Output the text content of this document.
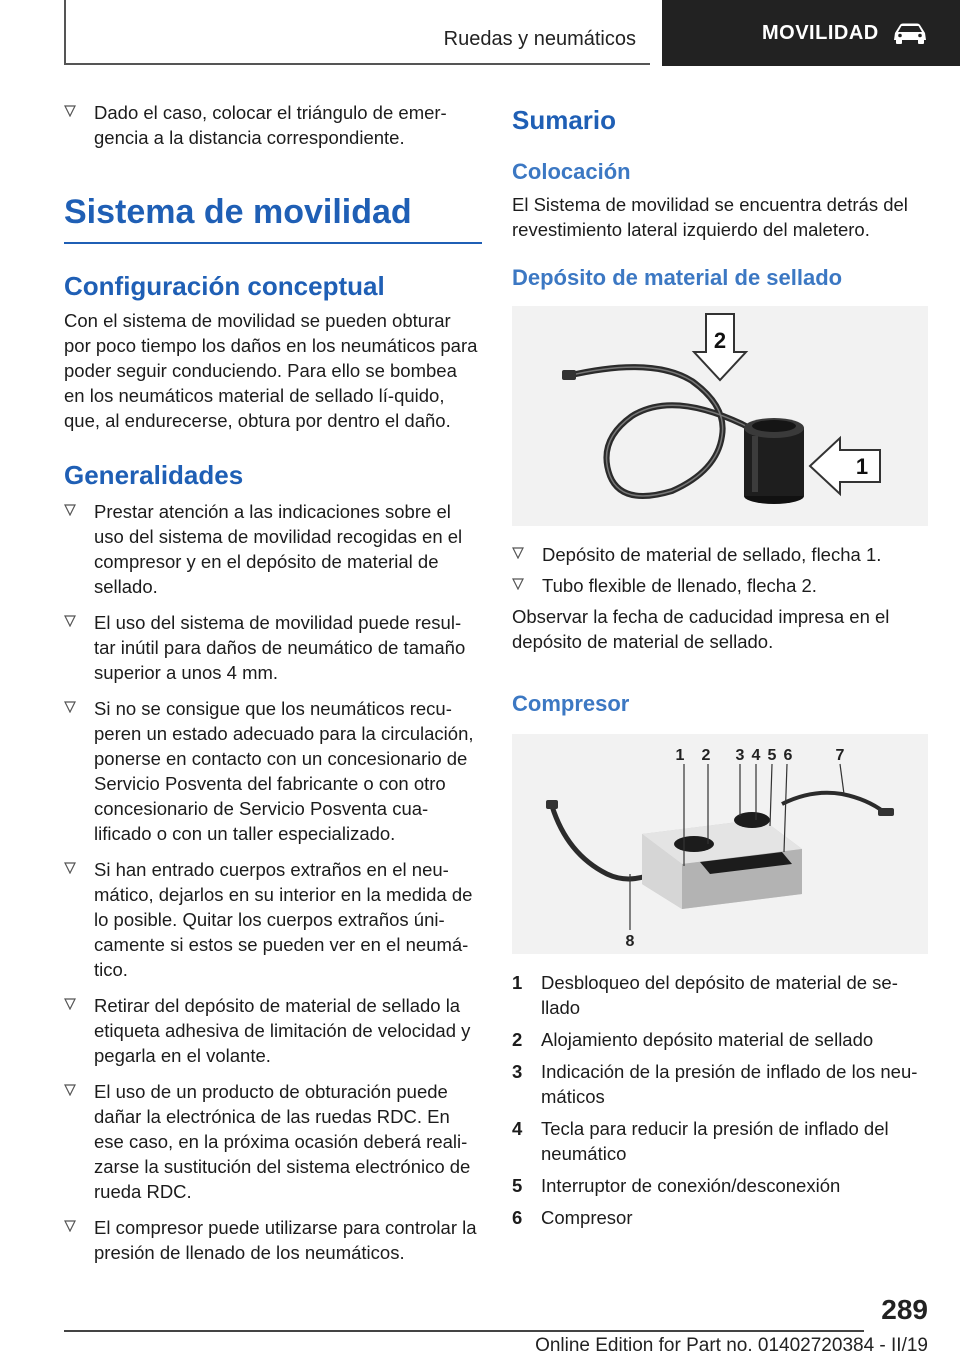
Ruedas y neumáticos	MOVILIDAD
Dado el caso, colocar el triángulo de emer‐gencia a la distancia correspondiente.
Sistema de movilidad
Configuración conceptual
Con el sistema de movilidad se pueden obturar por poco tiempo los daños en los neumáticos para poder seguir conduciendo. Para ello se bombea en los neumáticos material de sellado lí‐quido, que, al endurecerse, obtura por dentro el daño.
Generalidades
Prestar atención a las indicaciones sobre el uso del sistema de movilidad recogidas en el compresor y en el depósito de material de sellado.
El uso del sistema de movilidad puede resul‐tar inútil para daños de neumático de tamaño superior a unos 4 mm.
Si no se consigue que los neumáticos recu‐peren un estado adecuado para la circulación, ponerse en contacto con un concesionario de Servicio Posventa del fabricante o con otro concesionario de Servicio Posventa cua‐lificado o con un taller especializado.
Si han entrado cuerpos extraños en el neu‐mático, dejarlos en su interior en la medida de lo posible. Quitar los cuerpos extraños úni‐camente si estos se pueden ver en el neumá‐tico.
Retirar del depósito de material de sellado la etiqueta adhesiva de limitación de velocidad y pegarla en el volante.
El uso de un producto de obturación puede dañar la electrónica de las ruedas RDC. En ese caso, en la próxima ocasión deberá reali‐zarse la sustitución del sistema electrónico de rueda RDC.
El compresor puede utilizarse para controlar la presión de llenado de los neumáticos.
Sumario
Colocación
El Sistema de movilidad se encuentra detrás del revestimiento lateral izquierdo del maletero.
Depósito de material de sellado
2
1
Depósito de material de sellado, flecha 1.
Tubo flexible de llenado, flecha 2.
Observar la fecha de caducidad impresa en el depósito de material de sellado.
Compresor
1 2 3 4 5 6	7
8
1 Desbloqueo del depósito de material de se‐llado
2 Alojamiento depósito material de sellado
3 Indicación de la presión de inflado de los neu‐máticos
4 Tecla para reducir la presión de inflado del neumático
5 Interruptor de conexión/desconexión
6 Compresor
289
Online Edition for Part no. 01402720384 - II/19
